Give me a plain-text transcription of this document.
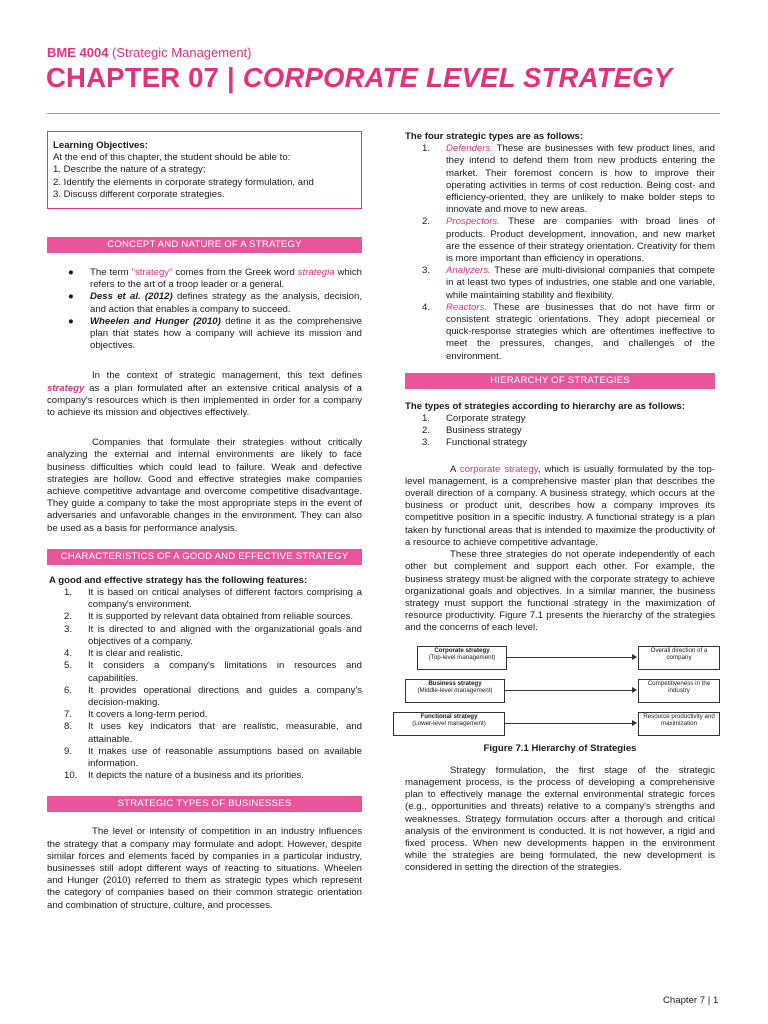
BME 4004 (Strategic Management)
CHAPTER 07 | CORPORATE LEVEL STRATEGY
Learning Objectives:
At the end of this chapter, the student should be able to:
1. Describe the nature of a strategy;
2. Identify the elements in corporate strategy formulation, and
3. Discuss different corporate strategies.
CONCEPT AND NATURE OF A STRATEGY
● The term "strategy" comes from the Greek word strategia which refers to the art of a troop leader or a general.
● Dess et al. (2012) defines strategy as the analysis, decision, and action that enables a company to succeed.
● Wheelen and Hunger (2010) define it as the comprehensive plan that states how a company will achieve its mission and objectives.

In the context of strategic management, this text defines strategy as a plan formulated after an extensive critical analysis of a company's resources which is then implemented in order for a company to achieve its mission and objectives effectively.

Companies that formulate their strategies without critically analyzing the external and internal environments are likely to face business difficulties which could lead to failure. Weak and defective strategies are hollow. Good and effective strategies make companies achieve competitive advantage and overcome competitive disadvantage. They guide a company to take the most appropriate steps in the event of adversaries and unfavorable changes in the environment. They can also be used as a basis for performance analysis.

CHARACTERISTICS OF A GOOD AND EFFECTIVE STRATEGY
A good and effective strategy has the following features:
1.	It is based on critical analyses of different factors comprising a company's environment.
2.	It is supported by relevant data obtained from reliable sources.
3.	It is directed to and aligned with the organizational goals and objectives of a company.
4.	It is clear and realistic.
5.	It considers a company's limitations in resources and capabilities.
6.	It provides operational directions and guides a company's decision-making.
7.	It covers a long-term period.
8.	It uses key indicators that are realistic, measurable, and attainable.
9.	It makes use of reasonable assumptions based on available information.
10.	It depicts the nature of a business and its priorities.
STRATEGIC TYPES OF BUSINESSES

The level or intensity of competition in an industry influences the strategy that a company may formulate and adopt. However, despite similar forces and elements faced by companies in a particular industry, businesses still adopt different ways of reacting to situations. Wheelen and Hunger (2010) referred to them as strategic types which represent the category of companies based on their common strategic orientation and combination of structure, culture, and processes.

The four strategic types are as follows:
1.	Defenders. These are businesses with few product lines, and they intend to defend them from new products entering the market. Their foremost concern is how to improve their operating activities in terms of cost reduction. Being cost- and efficiency-oriented, they are unlikely to make bolder steps to innovate and move to new areas.
2.	Prospectors. These are companies with broad lines of products. Product development, innovation, and new market are the essence of their strategy orientation. Creativity for them is more important than efficiency in operations.
3.	Analyzers. These are multi-divisional companies that compete in at least two types of industries, one stable and one variable, while maintaining stability and flexibility.
4.	Reactors. These are businesses that do not have firm or consistent strategic orientations. They adopt piecemeal or quick-response strategies which are oftentimes ineffective to meet the pressures, changes, and challenges of the environment.
HIERARCHY OF STRATEGIES
The types of strategies according to hierarchy are as follows:
1.	Corporate strategy
2.	Business strategy
3.	Functional strategy

A corporate strategy, which is usually formulated by the top-level management, is a comprehensive master plan that describes the overall direction of a company. A business strategy, which occurs at the business or product unit, describes how a company improves its competitive position in a specific industry. A functional strategy is a plan taken by functional areas that is intended to maximize the productivity of a resource to achieve competitive advantage.

These three strategies do not operate independently of each other but complement and support each other. For example, the business strategy must be aligned with the corporate strategy to achieve organizational goals and objectives. In a similar manner, the business strategy must support the functional strategy in the maximization of resource productivity. Figure 7.1 presents the hierarchy of the strategies and the concerns of each level.

Corporate strategy
(Top-level management)
Overall direction of a company
Business strategy
(Middle-level management)
Competitiveness in the industry
Functional strategy
(Lower-level management)
Resource productivity and maximization
Figure 7.1 Hierarchy of Strategies

Strategy formulation, the first stage of the strategic management process, is the process of developing a comprehensive plan to effectively manage the external environmental strategic forces (e.g., opportunities and threats) relative to a company's strengths and weaknesses. Strategy formulation occurs after a thorough and critical analysis of the environment is conducted. It is not however, a rigid and fixed process. When new developments happen in the environment while the strategies are being formulated, the new development is considered in setting the direction of the strategies.

Chapter 7 | 1
